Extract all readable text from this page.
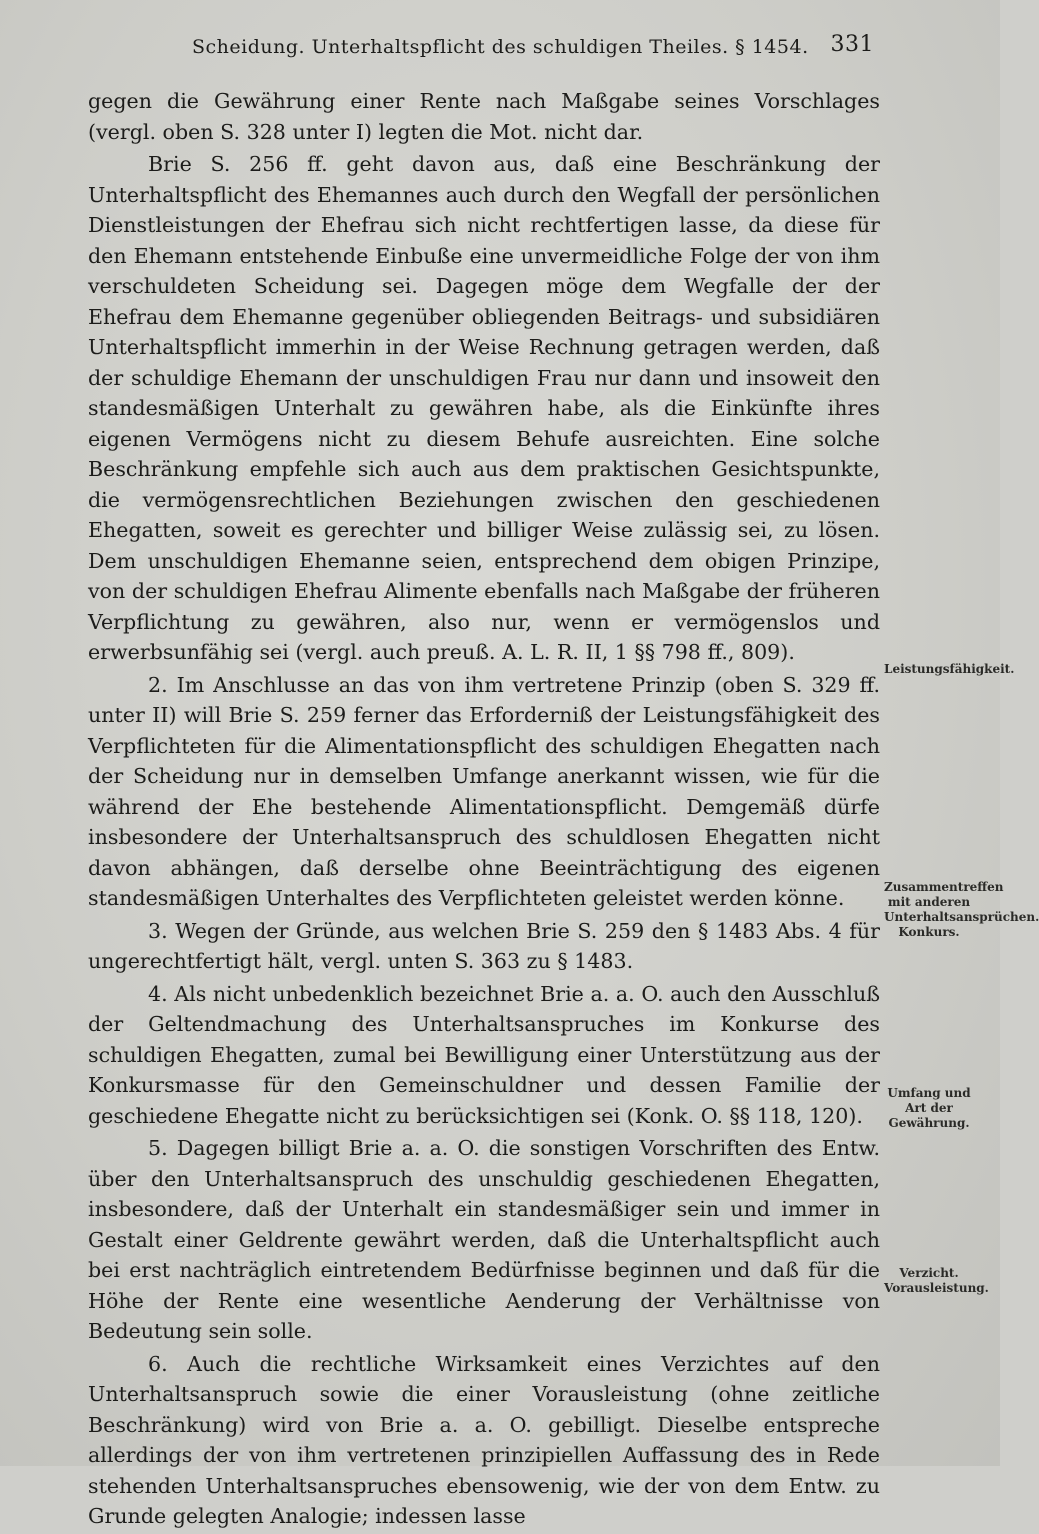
Scheidung. Unterhaltspflicht des schuldigen Theiles. § 1454. 331

gegen die Gewährung einer Rente nach Maßgabe seines Vorschlages (vergl. oben S. 328 unter I) legten die Mot. nicht dar.

Brie S. 256 ff. geht davon aus, daß eine Beschränkung der Unterhaltspflicht des Ehemannes auch durch den Wegfall der persönlichen Dienstleistungen der Ehefrau sich nicht rechtfertigen lasse, da diese für den Ehemann entstehende Einbuße eine unvermeidliche Folge der von ihm verschuldeten Scheidung sei. Dagegen möge dem Wegfalle der der Ehefrau dem Ehemanne gegenüber obliegenden Beitrags- und subsidiären Unterhaltspflicht immerhin in der Weise Rechnung getragen werden, daß der schuldige Ehemann der unschuldigen Frau nur dann und insoweit den standesmäßigen Unterhalt zu gewähren habe, als die Einkünfte ihres eigenen Vermögens nicht zu diesem Behufe ausreichten. Eine solche Beschränkung empfehle sich auch aus dem praktischen Gesichtspunkte, die vermögensrechtlichen Beziehungen zwischen den geschiedenen Ehegatten, soweit es gerechter und billiger Weise zulässig sei, zu lösen. Dem unschuldigen Ehemanne seien, entsprechend dem obigen Prinzipe, von der schuldigen Ehefrau Alimente ebenfalls nach Maßgabe der früheren Verpflichtung zu gewähren, also nur, wenn er vermögenslos und erwerbsunfähig sei (vergl. auch preuß. A. L. R. II, 1 §§ 798 ff., 809).

2. Im Anschlusse an das von ihm vertretene Prinzip (oben S. 329 ff. unter II) will Brie S. 259 ferner das Erforderniß der Leistungsfähigkeit des Verpflichteten für die Alimentationspflicht des schuldigen Ehegatten nach der Scheidung nur in demselben Umfange anerkannt wissen, wie für die während der Ehe bestehende Alimentationspflicht. Demgemäß dürfe insbesondere der Unterhaltsanspruch des schuldlosen Ehegatten nicht davon abhängen, daß derselbe ohne Beeinträchtigung des eigenen standesmäßigen Unterhaltes des Verpflichteten geleistet werden könne.

3. Wegen der Gründe, aus welchen Brie S. 259 den § 1483 Abs. 4 für ungerechtfertigt hält, vergl. unten S. 363 zu § 1483.

4. Als nicht unbedenklich bezeichnet Brie a. a. O. auch den Ausschluß der Geltendmachung des Unterhaltsanspruches im Konkurse des schuldigen Ehegatten, zumal bei Bewilligung einer Unterstützung aus der Konkursmasse für den Gemeinschuldner und dessen Familie der geschiedene Ehegatte nicht zu berücksichtigen sei (Konk. O. §§ 118, 120).

5. Dagegen billigt Brie a. a. O. die sonstigen Vorschriften des Entw. über den Unterhaltsanspruch des unschuldig geschiedenen Ehegatten, insbesondere, daß der Unterhalt ein standesmäßiger sein und immer in Gestalt einer Geldrente gewährt werden, daß die Unterhaltspflicht auch bei erst nachträglich eintretendem Bedürfnisse beginnen und daß für die Höhe der Rente eine wesentliche Aenderung der Verhältnisse von Bedeutung sein solle.

6. Auch die rechtliche Wirksamkeit eines Verzichtes auf den Unterhaltsanspruch sowie die einer Vorausleistung (ohne zeitliche Beschränkung) wird von Brie a. a. O. gebilligt. Dieselbe entspreche allerdings der von ihm vertretenen prinzipiellen Auffassung des in Rede stehenden Unterhaltsanspruches ebensowenig, wie der von dem Entw. zu Grunde gelegten Analogie; indessen lasse

Leistungsfähigkeit.
Zusammentreffen mit anderen Unterhaltsansprüchen. Konkurs.
Umfang und Art der Gewährung.
Verzicht. Vorausleistung.
